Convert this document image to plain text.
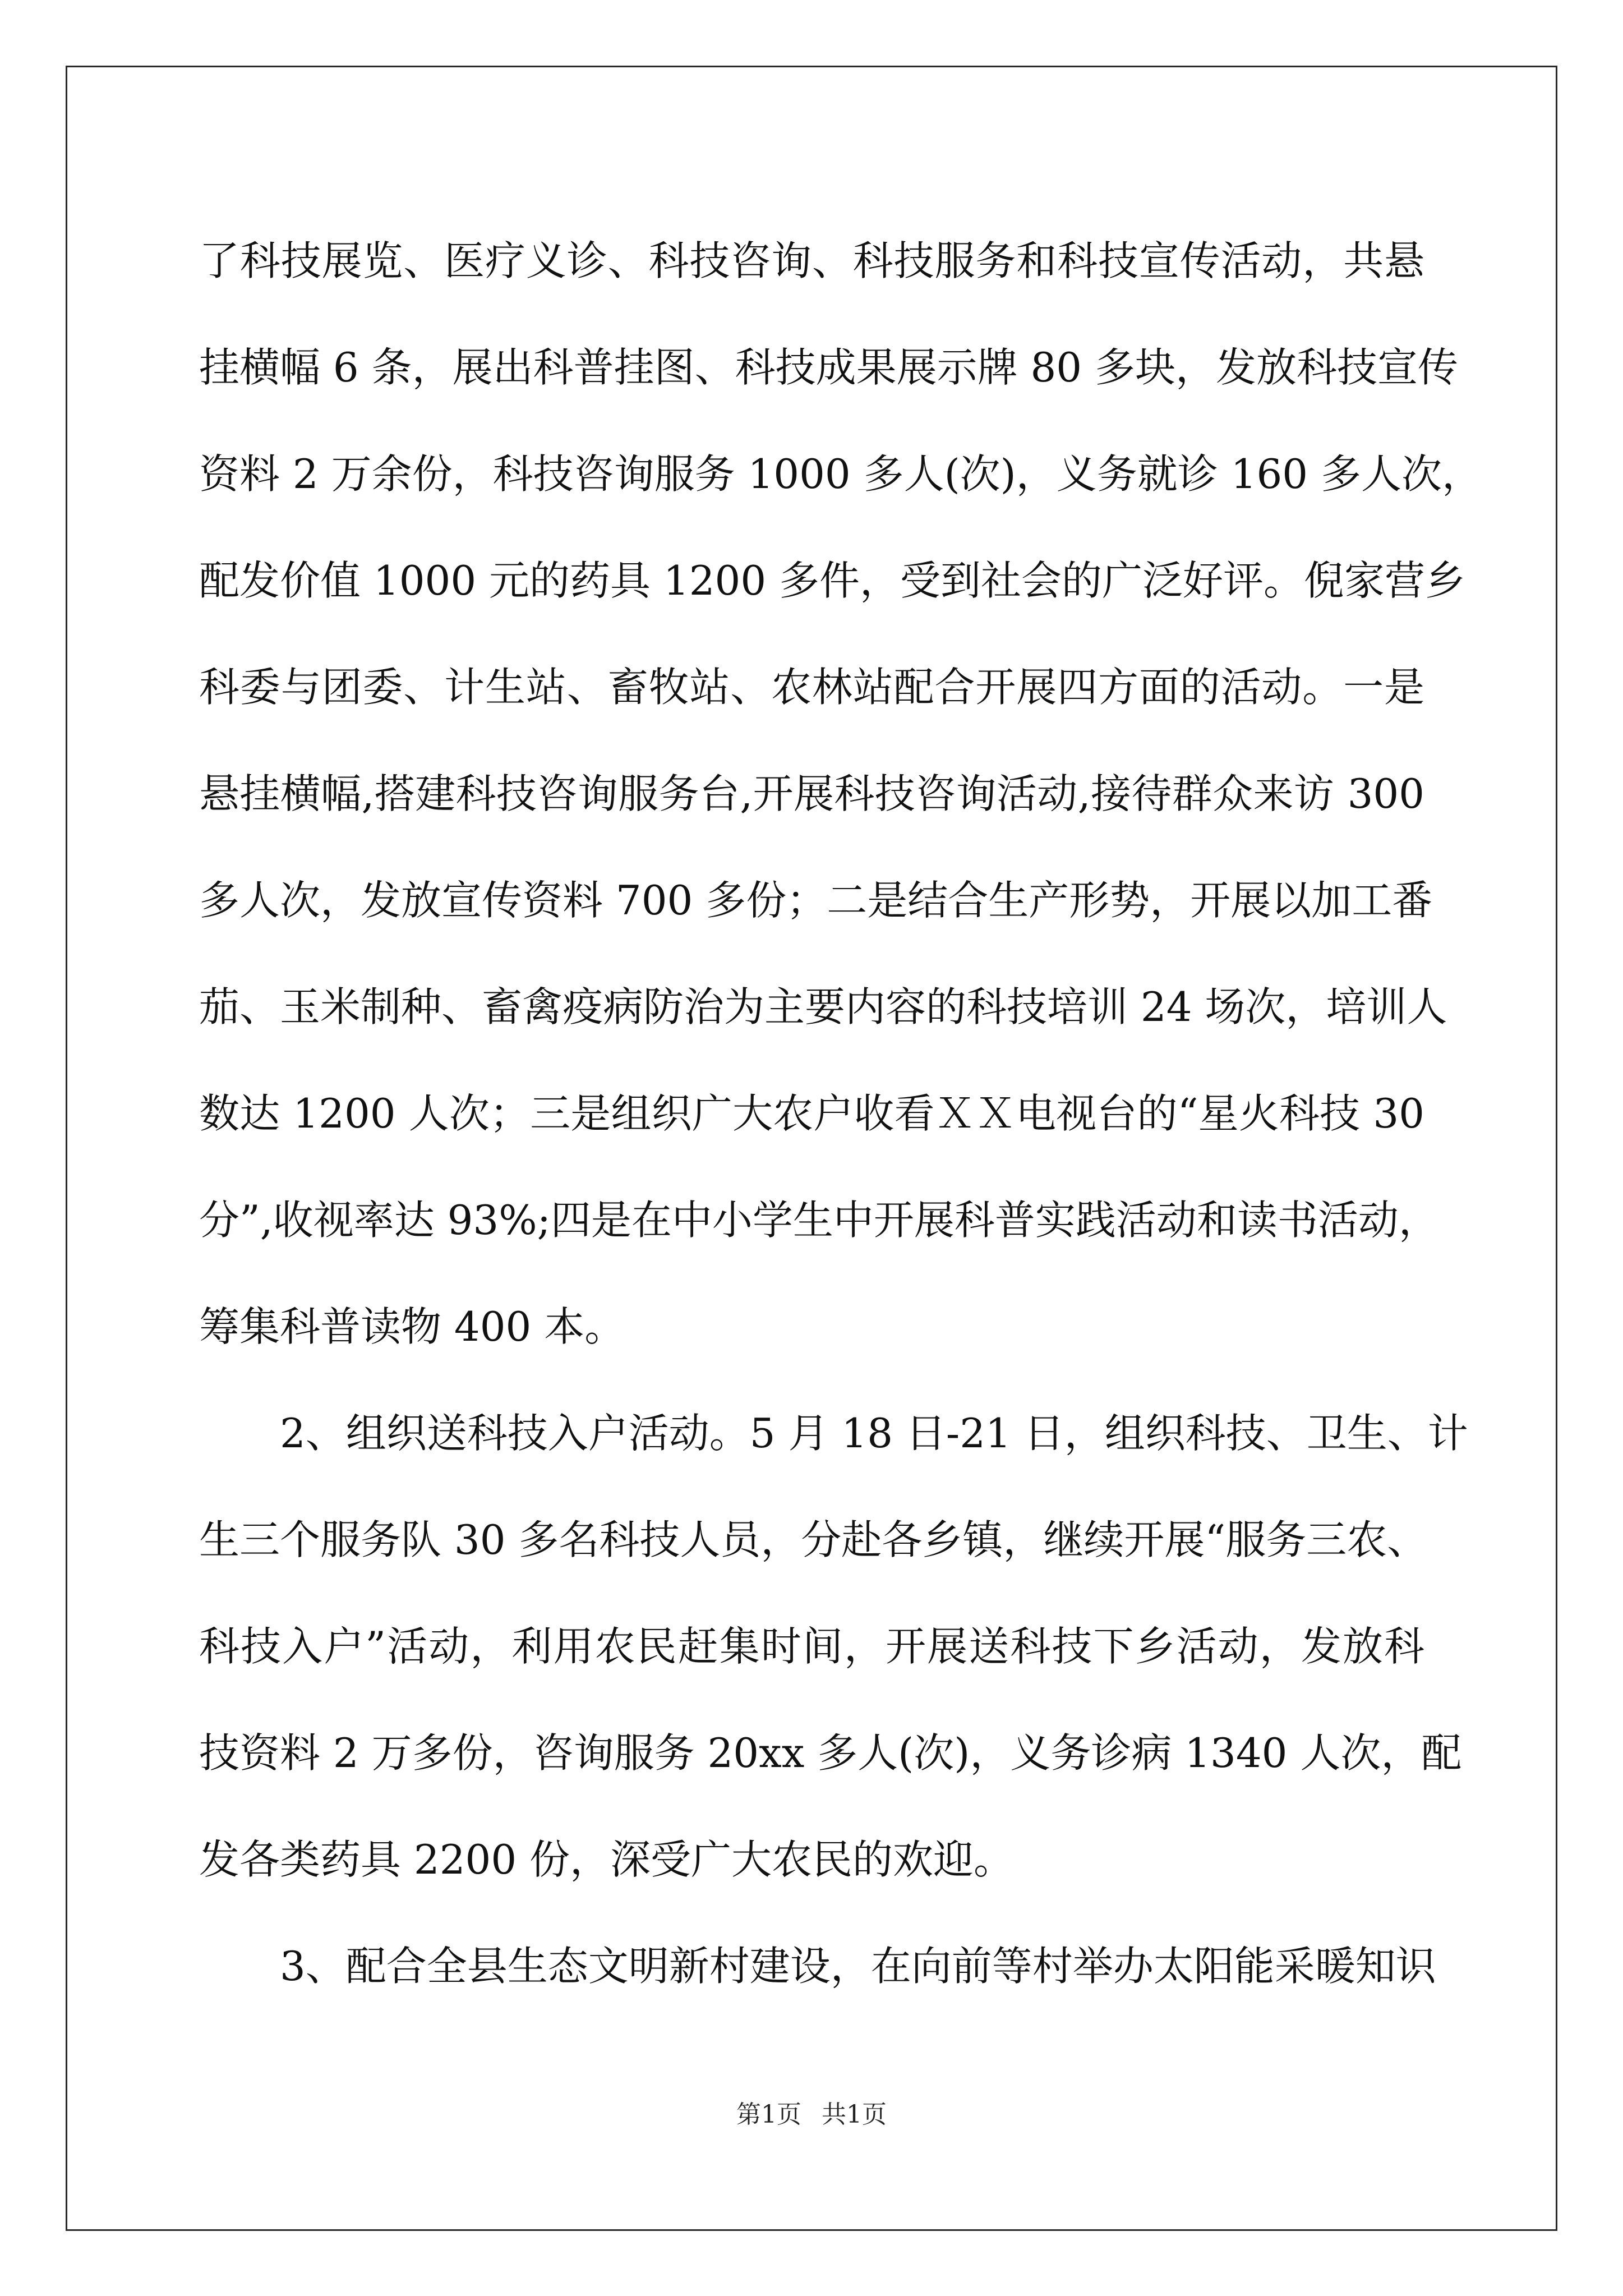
了科技展览、医疗义诊、科技咨询、科技服务和科技宣传活动，共悬
挂横幅 6 条，展出科普挂图、科技成果展示牌 80 多块，发放科技宣传
资料 2 万余份，科技咨询服务 1000 多人(次)，义务就诊 160 多人次，
配发价值 1000 元的药具 1200 多件，受到社会的广泛好评。倪家营乡
科委与团委、计生站、畜牧站、农林站配合开展四方面的活动。一是
悬挂横幅,搭建科技咨询服务台,开展科技咨询活动,接待群众来访 300
多人次，发放宣传资料 700 多份；二是结合生产形势，开展以加工番
茄、玉米制种、畜禽疫病防治为主要内容的科技培训 24 场次，培训人
数达 1200 人次；三是组织广大农户收看ＸＸ电视台的“星火科技 30
分”,收视率达 93%;四是在中小学生中开展科普实践活动和读书活动，
筹集科普读物 400 本。
　　2、组织送科技入户活动。5 月 18 日-21 日，组织科技、卫生、计
生三个服务队 30 多名科技人员，分赴各乡镇，继续开展“服务三农、
科技入户”活动，利用农民赶集时间，开展送科技下乡活动，发放科
技资料 2 万多份，咨询服务 20xx 多人(次)，义务诊病 1340 人次，配
发各类药具 2200 份，深受广大农民的欢迎。
　　3、配合全县生态文明新村建设，在向前等村举办太阳能采暖知识
第1页 共1页
